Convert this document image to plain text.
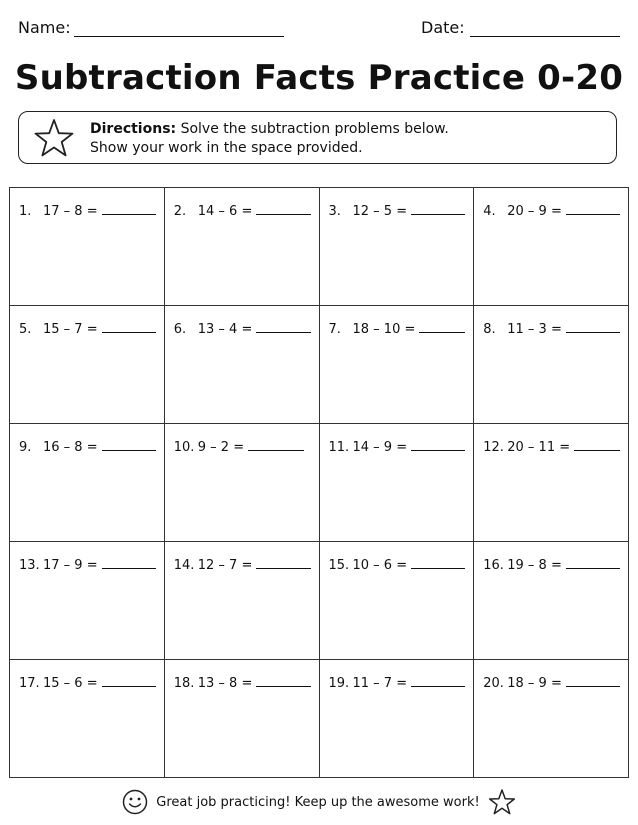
Name:	Date:
Subtraction Facts Practice 0-20
Directions: Solve the subtraction problems below.
Show your work in the space provided.
1. 17 – 8 =	2. 14 – 6 =	3. 12 – 5 =	4. 20 – 9 =
5. 15 – 7 =	6. 13 – 4 =	7. 18 – 10 =	8. 11 – 3 =
9. 16 – 8 =	10. 9 – 2 =	11. 14 – 9 =	12. 20 – 11 =
13. 17 – 9 =	14. 12 – 7 =	15. 10 – 6 =	16. 19 – 8 =
17. 15 – 6 =	18. 13 – 8 =	19. 11 – 7 =	20. 18 – 9 =
Great job practicing! Keep up the awesome work!
